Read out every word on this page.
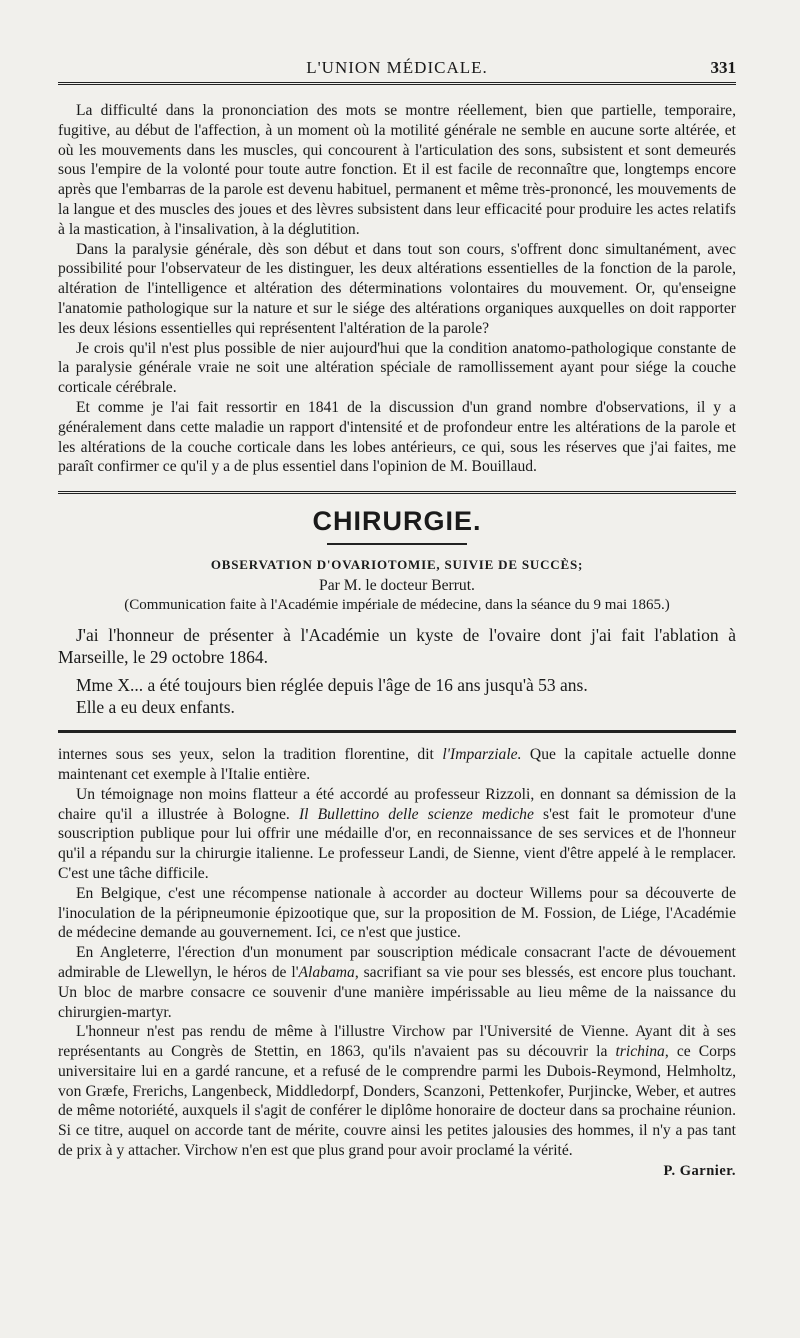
L'UNION MÉDICALE.	331

La difficulté dans la prononciation des mots se montre réellement, bien que partielle, temporaire, fugitive, au début de l'affection, à un moment où la motilité générale ne semble en aucune sorte altérée, et où les mouvements dans les muscles, qui concourent à l'articulation des sons, subsistent et sont demeurés sous l'empire de la volonté pour toute autre fonction. Et il est facile de reconnaître que, longtemps encore après que l'embarras de la parole est devenu habituel, permanent et même très-prononcé, les mouvements de la langue et des muscles des joues et des lèvres subsistent dans leur efficacité pour produire les actes relatifs à la mastication, à l'insalivation, à la déglutition.

Dans la paralysie générale, dès son début et dans tout son cours, s'offrent donc simultanément, avec possibilité pour l'observateur de les distinguer, les deux altérations essentielles de la fonction de la parole, altération de l'intelligence et altération des déterminations volontaires du mouvement. Or, qu'enseigne l'anatomie pathologique sur la nature et sur le siége des altérations organiques auxquelles on doit rapporter les deux lésions essentielles qui représentent l'altération de la parole?

Je crois qu'il n'est plus possible de nier aujourd'hui que la condition anatomo-pathologique constante de la paralysie générale vraie ne soit une altération spéciale de ramollissement ayant pour siége la couche corticale cérébrale.

Et comme je l'ai fait ressortir en 1841 de la discussion d'un grand nombre d'observations, il y a généralement dans cette maladie un rapport d'intensité et de profondeur entre les altérations de la parole et les altérations de la couche corticale dans les lobes antérieurs, ce qui, sous les réserves que j'ai faites, me paraît confirmer ce qu'il y a de plus essentiel dans l'opinion de M. Bouillaud.

CHIRURGIE.
OBSERVATION D'OVARIOTOMIE, SUIVIE DE SUCCÈS;
Par M. le docteur Berrut.
(Communication faite à l'Académie impériale de médecine, dans la séance du 9 mai 1865.)

J'ai l'honneur de présenter à l'Académie un kyste de l'ovaire dont j'ai fait l'ablation à Marseille, le 29 octobre 1864.

Mme X... a été toujours bien réglée depuis l'âge de 16 ans jusqu'à 53 ans.

Elle a eu deux enfants.

internes sous ses yeux, selon la tradition florentine, dit l'Imparziale. Que la capitale actuelle donne maintenant cet exemple à l'Italie entière.

Un témoignage non moins flatteur a été accordé au professeur Rizzoli, en donnant sa démission de la chaire qu'il a illustrée à Bologne. Il Bullettino delle scienze mediche s'est fait le promoteur d'une souscription publique pour lui offrir une médaille d'or, en reconnaissance de ses services et de l'honneur qu'il a répandu sur la chirurgie italienne. Le professeur Landi, de Sienne, vient d'être appelé à le remplacer. C'est une tâche difficile.

En Belgique, c'est une récompense nationale à accorder au docteur Willems pour sa découverte de l'inoculation de la péripneumonie épizootique que, sur la proposition de M. Fossion, de Liége, l'Académie de médecine demande au gouvernement. Ici, ce n'est que justice.

En Angleterre, l'érection d'un monument par souscription médicale consacrant l'acte de dévouement admirable de Llewellyn, le héros de l'Alabama, sacrifiant sa vie pour ses blessés, est encore plus touchant. Un bloc de marbre consacre ce souvenir d'une manière impérissable au lieu même de la naissance du chirurgien-martyr.

L'honneur n'est pas rendu de même à l'illustre Virchow par l'Université de Vienne. Ayant dit à ses représentants au Congrès de Stettin, en 1863, qu'ils n'avaient pas su découvrir la trichina, ce Corps universitaire lui en a gardé rancune, et a refusé de le comprendre parmi les Dubois-Reymond, Helmholtz, von Græfe, Frerichs, Langenbeck, Middledorpf, Donders, Scanzoni, Pettenkofer, Purjincke, Weber, et autres de même notoriété, auxquels il s'agit de conférer le diplôme honoraire de docteur dans sa prochaine réunion. Si ce titre, auquel on accorde tant de mérite, couvre ainsi les petites jalousies des hommes, il n'y a pas tant de prix à y attacher. Virchow n'en est que plus grand pour avoir proclamé la vérité.

P. Garnier.
